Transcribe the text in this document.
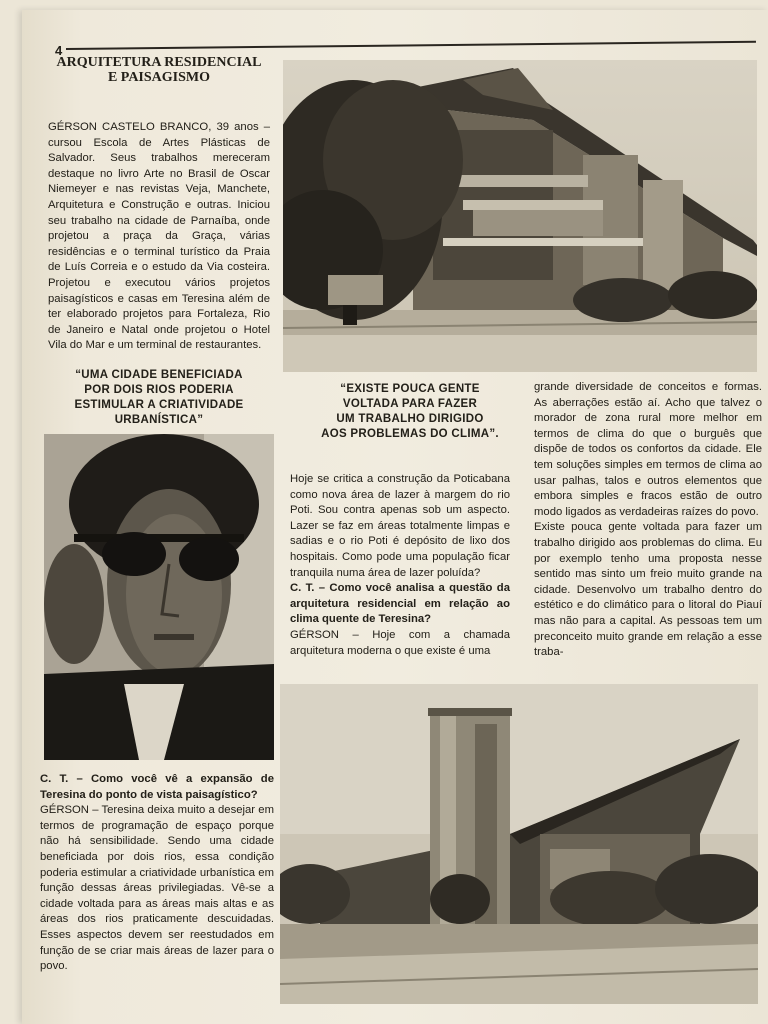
4
ARQUITETURA RESIDENCIAL
E PAISAGISMO

GÉRSON CASTELO BRANCO, 39 anos – cursou Escola de Artes Plásticas de Salvador. Seus trabalhos mereceram destaque no livro Arte no Brasil de Oscar Niemeyer e nas revistas Veja, Manchete, Arquitetura e Construção e outras. Iniciou seu trabalho na cidade de Parnaíba, onde projetou a praça da Graça, várias residências e o terminal turístico da Praia de Luís Correia e o estudo da Via costeira. Projetou e executou vários projetos paisagísticos e casas em Teresina além de ter elaborado projetos para Fortaleza, Rio de Janeiro e Natal onde projetou o Hotel Vila do Mar e um terminal de restaurantes.

“UMA CIDADE BENEFICIADA
POR DOIS RIOS PODERIA
ESTIMULAR A CRIATIVIDADE
URBANÍSTICA”

C. T. – Como você vê a expansão de Teresina do ponto de vista paisagístico?

GÉRSON – Teresina deixa muito a desejar em termos de programação de espaço porque não há sensibilidade. Sendo uma cidade beneficiada por dois rios, essa condição poderia estimular a criatividade urbanística em função dessas áreas privilegiadas. Vê-se a cidade voltada para as áreas mais altas e as áreas dos rios praticamente descuidadas. Esses aspectos devem ser reestudados em função de se criar mais áreas de lazer para o povo.

“EXISTE POUCA GENTE
VOLTADA PARA FAZER
UM TRABALHO DIRIGIDO
AOS PROBLEMAS DO CLIMA”.

Hoje se critica a construção da Poticabana como nova área de lazer à margem do rio Poti. Sou contra apenas sob um aspecto. Lazer se faz em áreas totalmente limpas e sadias e o rio Poti é depósito de lixo dos hospitais. Como pode uma população ficar tranquila numa área de lazer poluída?

C. T. – Como você analisa a questão da arquitetura residencial em relação ao clima quente de Teresina?

GÉRSON – Hoje com a chamada arquitetura moderna o que existe é uma

grande diversidade de conceitos e formas. As aberrações estão aí. Acho que talvez o morador de zona rural more melhor em termos de clima do que o burguês que dispõe de todos os confortos da cidade. Ele tem soluções simples em termos de clima ao usar palhas, talos e outros elementos que embora simples e fracos estão de outro modo ligados as verdadeiras raízes do povo.

Existe pouca gente voltada para fazer um trabalho dirigido aos problemas do clima. Eu por exemplo tenho uma proposta nesse sentido mas sinto um freio muito grande na cidade. Desenvolvo um trabalho dentro do estético e do climático para o litoral do Piauí mas não para a capital. As pessoas tem um preconceito muito grande em relação a esse traba-
